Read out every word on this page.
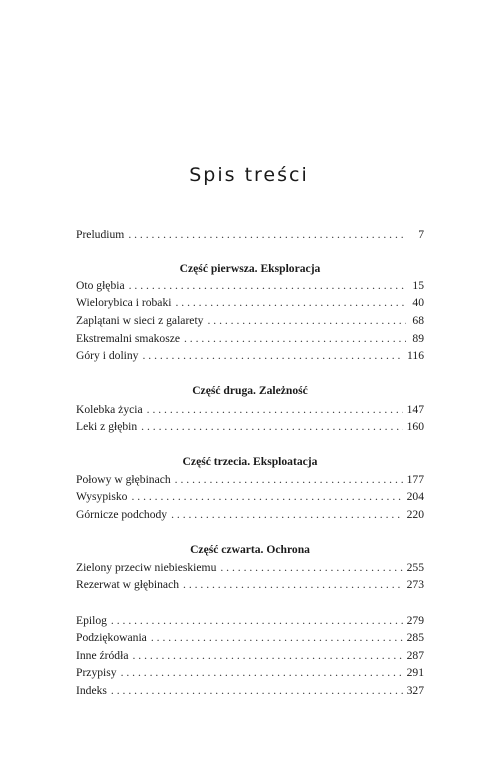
Spis treści
Preludium . . .	7
Część pierwsza. Eksploracja
Oto głębia . . .	15
Wielorybica i robaki . . .	40
Zaplątani w sieci z galarety . . .	68
Ekstremalni smakosze . . .	89
Góry i doliny . . .	116
Część druga. Zależność
Kolebka życia . . .	147
Leki z głębin . . .	160
Część trzecia. Eksploatacja
Połowy w głębinach . . .	177
Wysypisko . . .	204
Górnicze podchody . . .	220
Część czwarta. Ochrona
Zielony przeciw niebieskiemu . . .	255
Rezerwat w głębinach . . .	273
Epilog . . .	279
Podziękowania . . .	285
Inne źródła . . .	287
Przypisy . . .	291
Indeks . . .	327
